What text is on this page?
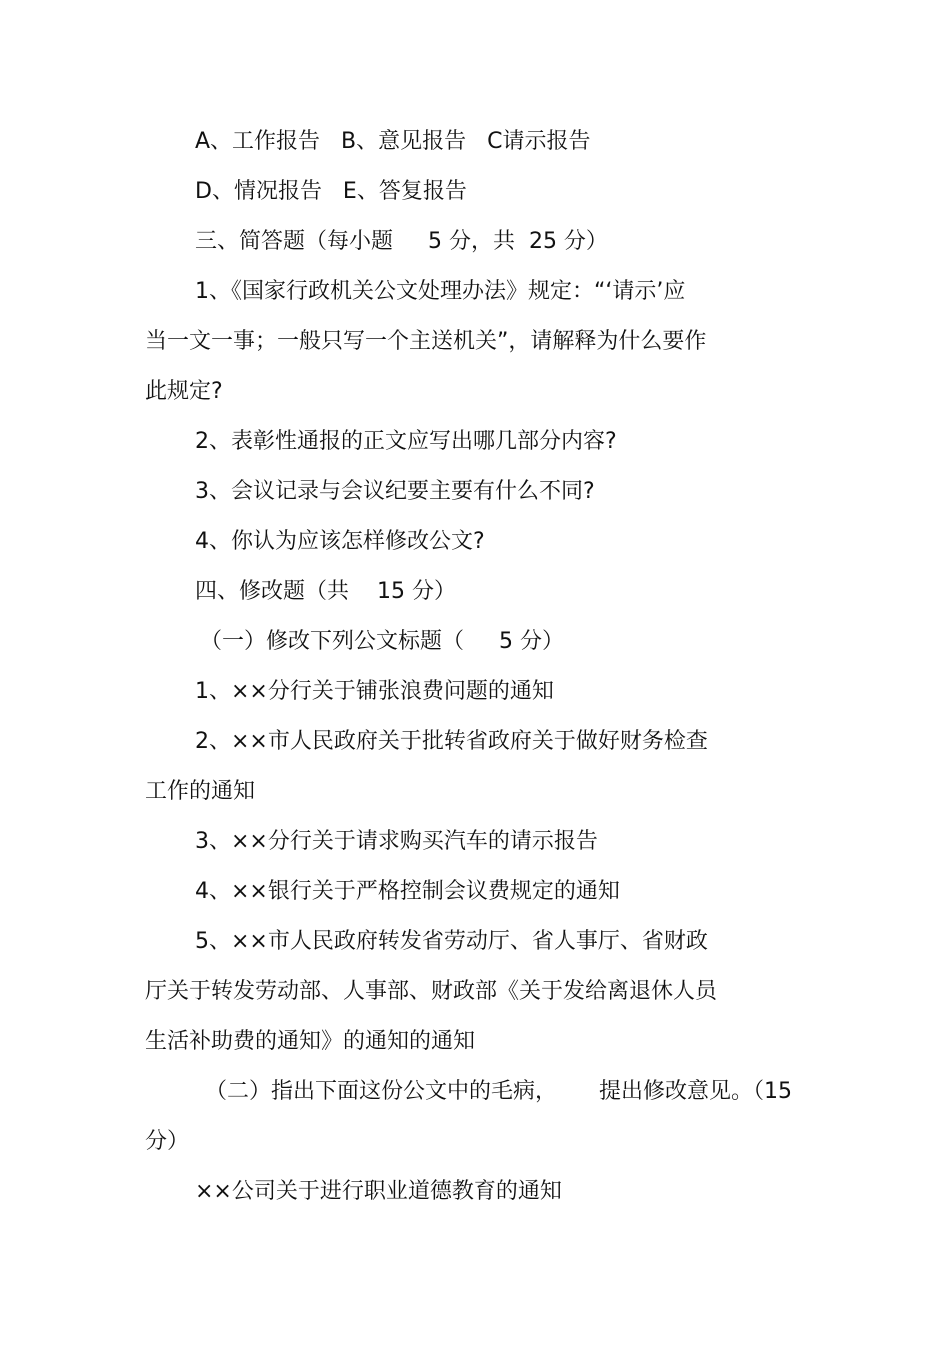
A、工作报告   B、意见报告   C请示报告
D、情况报告   E、答复报告
三、简答题（每小题     5 分，共  25 分）
1、《国家行政机关公文处理办法》规定：“‘请示’应
当一文一事；一般只写一个主送机关”，请解释为什么要作
此规定?
2、表彰性通报的正文应写出哪几部分内容?
3、会议记录与会议纪要主要有什么不同?
4、你认为应该怎样修改公文?
四、修改题（共    15 分）
（一）修改下列公文标题（     5 分）
1、××分行关于铺张浪费问题的通知
2、××市人民政府关于批转省政府关于做好财务检查
工作的通知
3、××分行关于请求购买汽车的请示报告
4、××银行关于严格控制会议费规定的通知
5、××市人民政府转发省劳动厅、省人事厅、省财政
厅关于转发劳动部、人事部、财政部《关于发给离退休人员
生活补助费的通知》的通知的通知
（二）指出下面这份公文中的毛病，      提出修改意见。（15
分）
××公司关于进行职业道德教育的通知
